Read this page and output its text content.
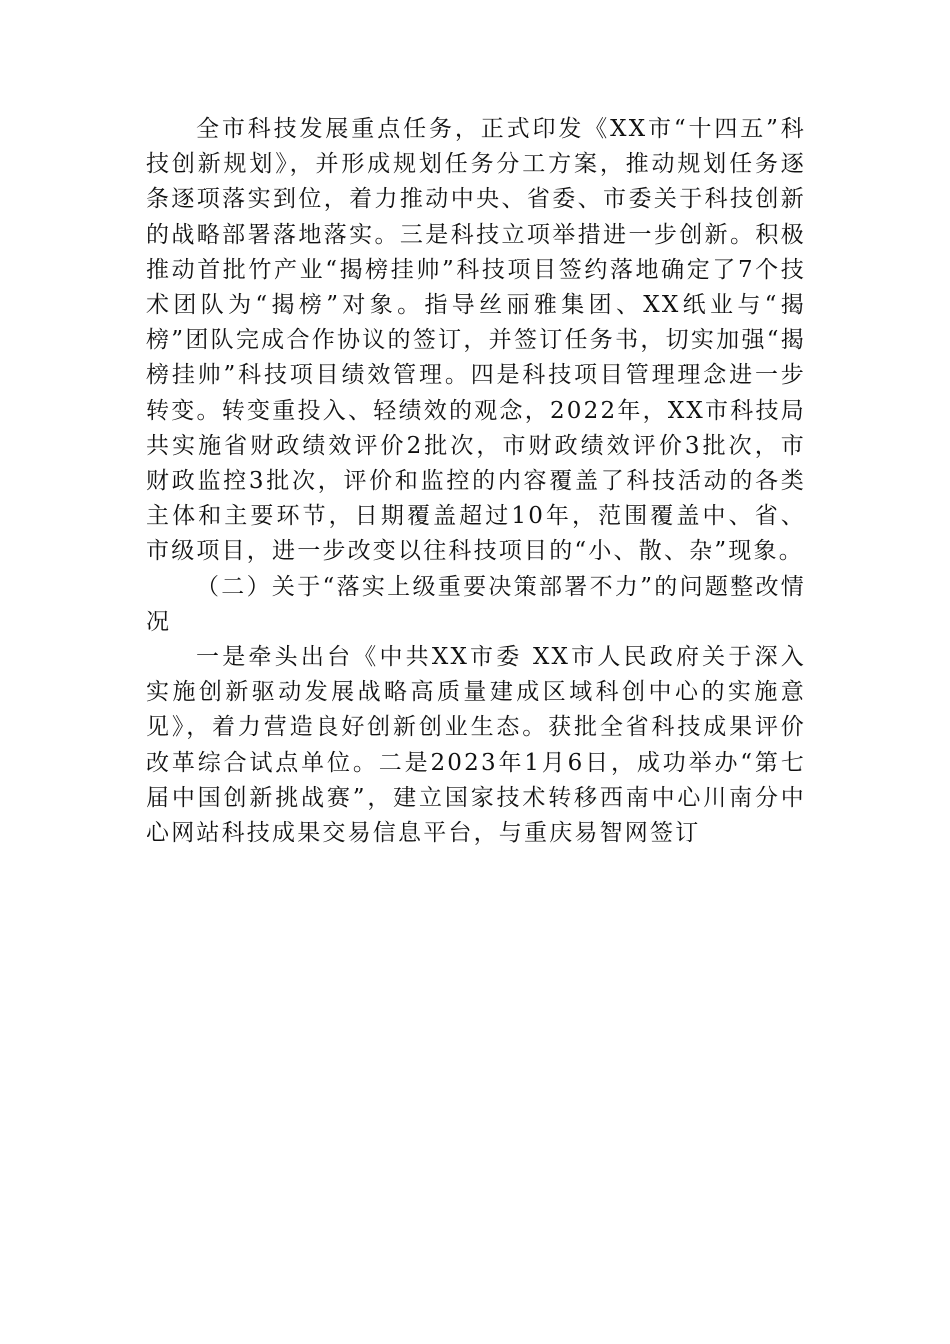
全市科技发展重点任务，正式印发《XX市“十四五”科技创新规划》，并形成规划任务分工方案，推动规划任务逐条逐项落实到位，着力推动中央、省委、市委关于科技创新的战略部署落地落实。三是科技立项举措进一步创新。积极推动首批竹产业“揭榜挂帅”科技项目签约落地确定了7个技术团队为“揭榜”对象。指导丝丽雅集团、XX纸业与“揭榜”团队完成合作协议的签订，并签订任务书，切实加强“揭榜挂帅”科技项目绩效管理。四是科技项目管理理念进一步转变。转变重投入、轻绩效的观念，2022年，XX市科技局共实施省财政绩效评价2批次，市财政绩效评价3批次，市财政监控3批次，评价和监控的内容覆盖了科技活动的各类主体和主要环节，日期覆盖超过10年，范围覆盖中、省、市级项目，进一步改变以往科技项目的“小、散、杂”现象。

（二）关于“落实上级重要决策部署不力”的问题整改情况

一是牵头出台《中共XX市委 XX市人民政府关于深入实施创新驱动发展战略高质量建成区域科创中心的实施意见》，着力营造良好创新创业生态。获批全省科技成果评价改革综合试点单位。二是2023年1月6日，成功举办“第七届中国创新挑战赛”，建立国家技术转移西南中心川南分中心网站科技成果交易信息平台，与重庆易智网签订
